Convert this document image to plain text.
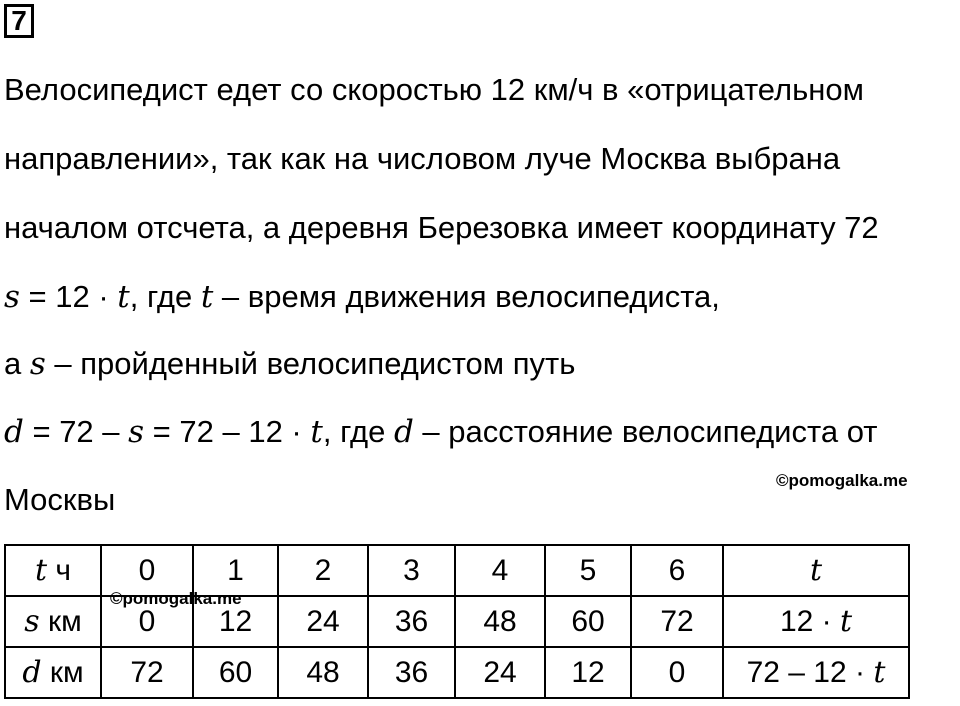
7
Велосипедист едет со скоростью 12 км/ч в «отрицательном
направлении», так как на числовом луче Москва выбрана
началом отсчета, а деревня Березовка имеет координату 72
s = 12 · t, где t – время движения велосипедиста,
а s – пройденный велосипедистом путь
d = 72 – s = 72 – 12 · t, где d – расстояние велосипедиста от
Москвы
©pomogalka.me
t ч	0	1	2	3	4	5	6	t
s км	0	12	24	36	48	60	72	12 · t
d км	72	60	48	36	24	12	0	72 – 12 · t
©pomogalka.me
